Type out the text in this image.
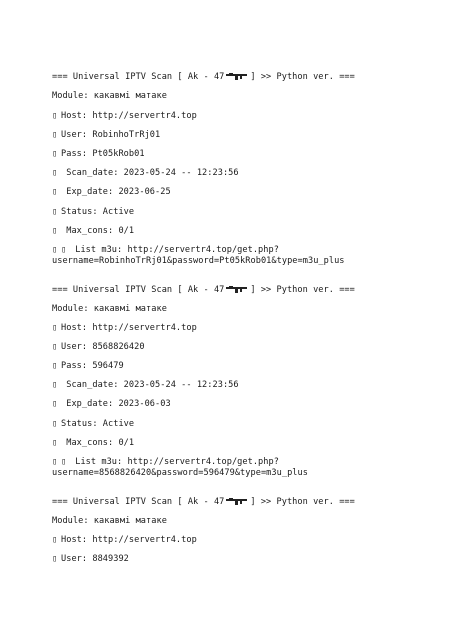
=== Universal IPTV Scan [ Ak - 47	] >> Python ver. ===
Module: какавмі матаке
▯ Host: http://servertr4.top
▯ User: RobinhoTrRj01
▯ Pass: Pt05kRob01
▯ Scan_date: 2023-05-24 -- 12:23:56
▯ Exp_date: 2023-06-25
▯ Status: Active
▯ Max_cons: 0/1
▯ ▯ List m3u: http://servertr4.top/get.php?
username=RobinhoTrRj01&password=Pt05kRob01&type=m3u_plus
=== Universal IPTV Scan [ Ak - 47	] >> Python ver. ===
Module: какавмі матаке
▯ Host: http://servertr4.top
▯ User: 8568826420
▯ Pass: 596479
▯ Scan_date: 2023-05-24 -- 12:23:56
▯ Exp_date: 2023-06-03
▯ Status: Active
▯ Max_cons: 0/1
▯ ▯ List m3u: http://servertr4.top/get.php?
username=8568826420&password=596479&type=m3u_plus
=== Universal IPTV Scan [ Ak - 47	] >> Python ver. ===
Module: какавмі матаке
▯ Host: http://servertr4.top
▯ User: 8849392
